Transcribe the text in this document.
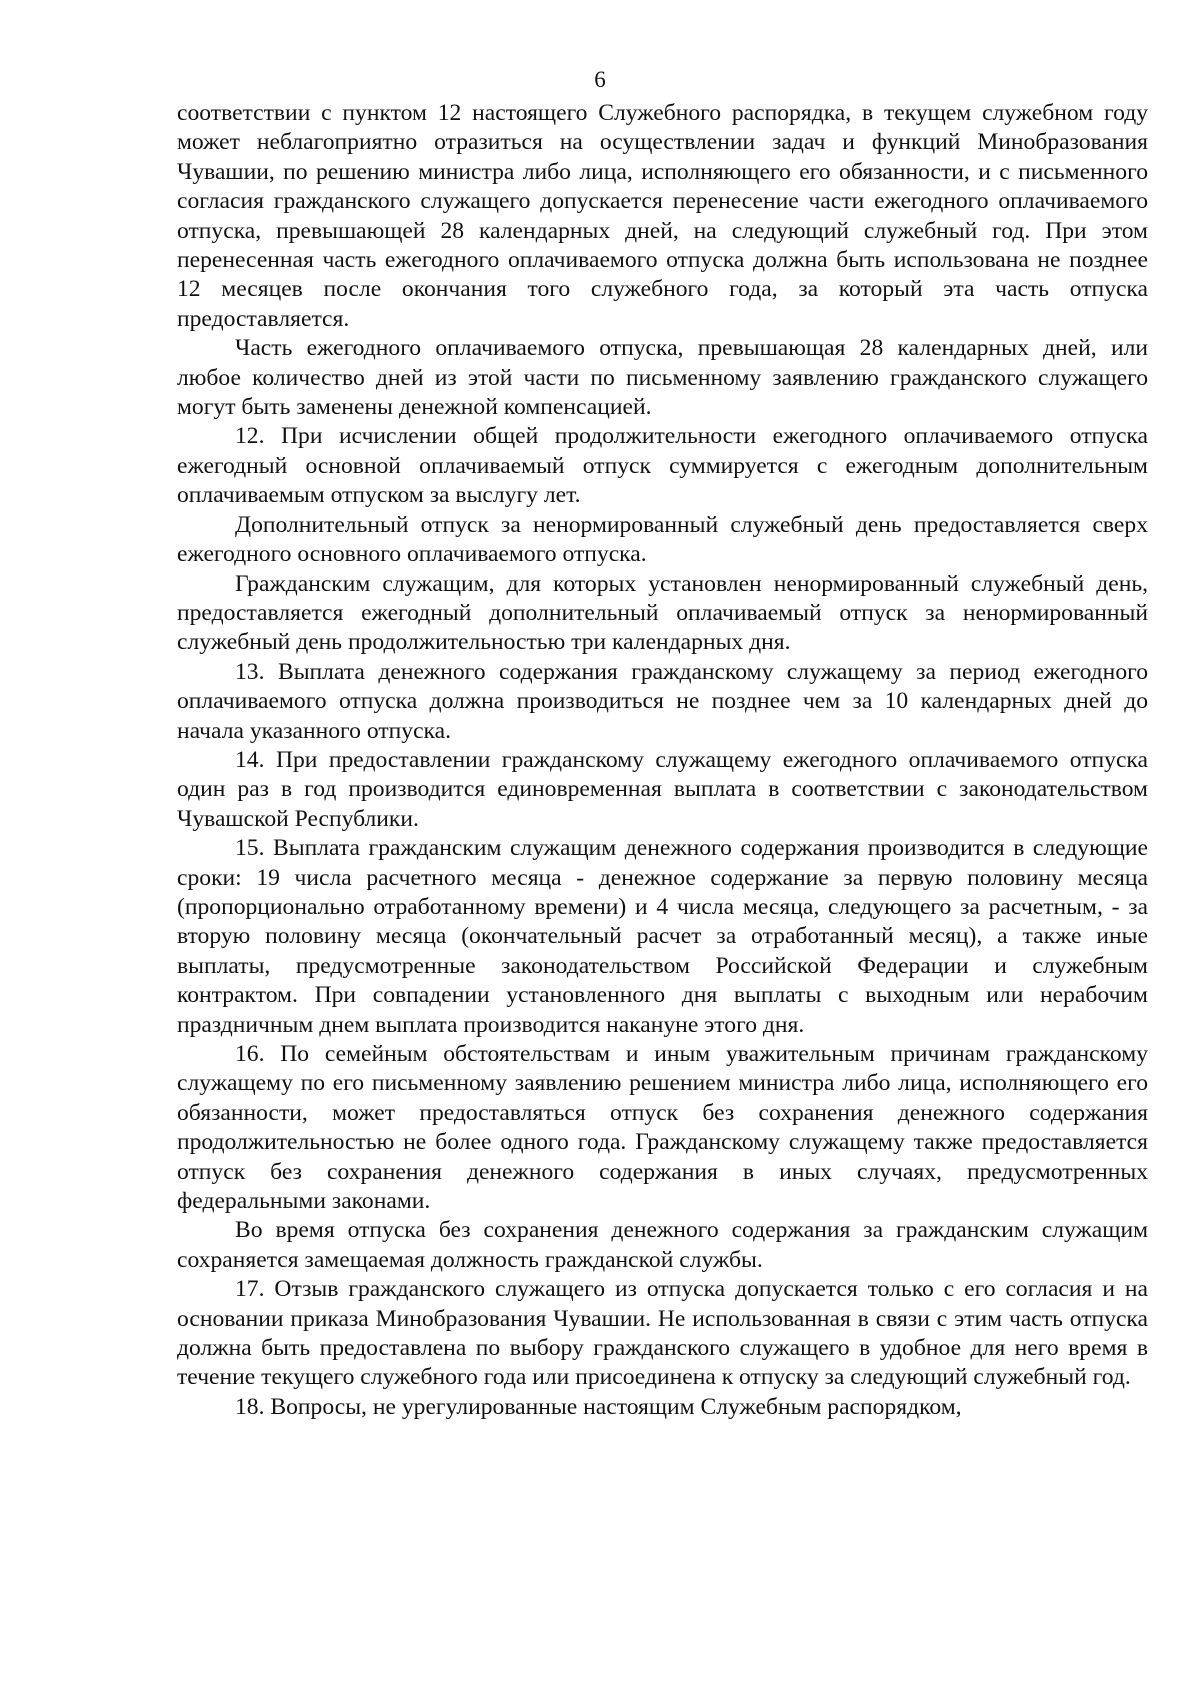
6

соответствии с пунктом 12 настоящего Служебного распорядка, в текущем служебном году может неблагоприятно отразиться на осуществлении задач и функций Минобразования Чувашии, по решению министра либо лица, исполняющего его обязанности, и с письменного согласия гражданского служащего допускается перенесение части ежегодного оплачиваемого отпуска, превышающей 28 календарных дней, на следующий служебный год. При этом перенесенная часть ежегодного оплачиваемого отпуска должна быть использована не позднее 12 месяцев после окончания того служебного года, за который эта часть отпуска предоставляется.

Часть ежегодного оплачиваемого отпуска, превышающая 28 календарных дней, или любое количество дней из этой части по письменному заявлению гражданского служащего могут быть заменены денежной компенсацией.

12. При исчислении общей продолжительности ежегодного оплачиваемого отпуска ежегодный основной оплачиваемый отпуск суммируется с ежегодным дополнительным оплачиваемым отпуском за выслугу лет.

Дополнительный отпуск за ненормированный служебный день предоставляется сверх ежегодного основного оплачиваемого отпуска.

Гражданским служащим, для которых установлен ненормированный служебный день, предоставляется ежегодный дополнительный оплачиваемый отпуск за ненормированный служебный день продолжительностью три календарных дня.

13. Выплата денежного содержания гражданскому служащему за период ежегодного оплачиваемого отпуска должна производиться не позднее чем за 10 календарных дней до начала указанного отпуска.

14. При предоставлении гражданскому служащему ежегодного оплачиваемого отпуска один раз в год производится единовременная выплата в соответствии с законодательством Чувашской Республики.

15. Выплата гражданским служащим денежного содержания производится в следующие сроки: 19 числа расчетного месяца - денежное содержание за первую половину месяца (пропорционально отработанному времени) и 4 числа месяца, следующего за расчетным, - за вторую половину месяца (окончательный расчет за отработанный месяц), а также иные выплаты, предусмотренные законодательством Российской Федерации и служебным контрактом. При совпадении установленного дня выплаты с выходным или нерабочим праздничным днем выплата производится накануне этого дня.

16. По семейным обстоятельствам и иным уважительным причинам гражданскому служащему по его письменному заявлению решением министра либо лица, исполняющего его обязанности, может предоставляться отпуск без сохранения денежного содержания продолжительностью не более одного года. Гражданскому служащему также предоставляется отпуск без сохранения денежного содержания в иных случаях, предусмотренных федеральными законами.

Во время отпуска без сохранения денежного содержания за гражданским служащим сохраняется замещаемая должность гражданской службы.

17. Отзыв гражданского служащего из отпуска допускается только с его согласия и на основании приказа Минобразования Чувашии. Не использованная в связи с этим часть отпуска должна быть предоставлена по выбору гражданского служащего в удобное для него время в течение текущего служебного года или присоединена к отпуску за следующий служебный год.

18. Вопросы, не урегулированные настоящим Служебным распорядком,
